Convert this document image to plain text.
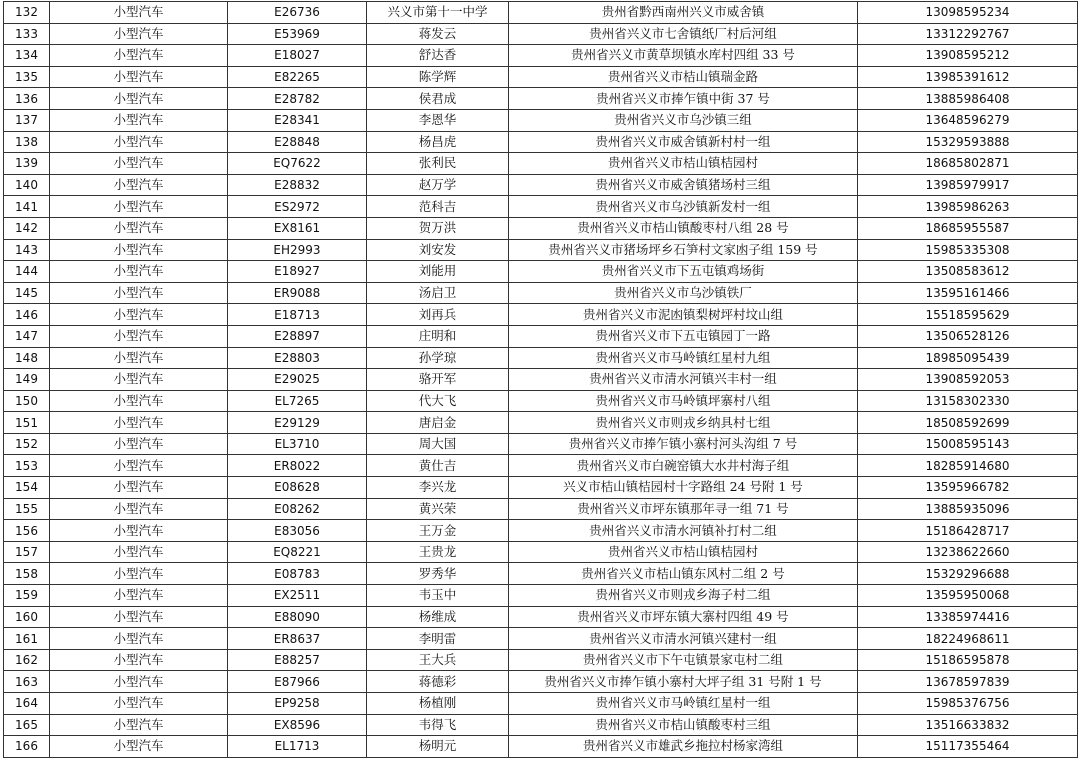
132	小型汽车	E26736	兴义市第十一中学	贵州省黔西南州兴义市威舍镇	13098595234
133	小型汽车	E53969	蒋发云	贵州省兴义市七舍镇纸厂村后河组	13312292767
134	小型汽车	E18027	舒达香	贵州省兴义市黄草坝镇水库村四组 33 号	13908595212
135	小型汽车	E82265	陈学辉	贵州省兴义市桔山镇瑞金路	13985391612
136	小型汽车	E28782	侯君成	贵州省兴义市捧乍镇中街 37 号	13885986408
137	小型汽车	E28341	李恩华	贵州省兴义市乌沙镇三组	13648596279
138	小型汽车	E28848	杨昌虎	贵州省兴义市威舍镇新村村一组	15329593888
139	小型汽车	EQ7622	张利民	贵州省兴义市桔山镇桔园村	18685802871
140	小型汽车	E28832	赵万学	贵州省兴义市威舍镇猪场村三组	13985979917
141	小型汽车	ES2972	范科吉	贵州省兴义市乌沙镇新发村一组	13985986263
142	小型汽车	EX8161	贺万洪	贵州省兴义市桔山镇酸枣村八组 28 号	18685955587
143	小型汽车	EH2993	刘安发	贵州省兴义市猪场坪乡石笋村文家凼子组 159 号	15985335308
144	小型汽车	E18927	刘能用	贵州省兴义市下五屯镇鸡场街	13508583612
145	小型汽车	ER9088	汤启卫	贵州省兴义市乌沙镇铁厂	13595161466
146	小型汽车	E18713	刘再兵	贵州省兴义市泥凼镇梨树坪村坟山组	15518595629
147	小型汽车	E28897	庄明和	贵州省兴义市下五屯镇园丁一路	13506528126
148	小型汽车	E28803	孙学琼	贵州省兴义市马岭镇红星村九组	18985095439
149	小型汽车	E29025	骆开军	贵州省兴义市清水河镇兴丰村一组	13908592053
150	小型汽车	EL7265	代大飞	贵州省兴义市马岭镇坪寨村八组	13158302330
151	小型汽车	E29129	唐启金	贵州省兴义市则戎乡纳具村七组	18508592699
152	小型汽车	EL3710	周大国	贵州省兴义市捧乍镇小寨村河头沟组 7 号	15008595143
153	小型汽车	ER8022	黄仕吉	贵州省兴义市白碗窑镇大水井村海子组	18285914680
154	小型汽车	E08628	李兴龙	兴义市桔山镇桔园村十字路组 24 号附 1 号	13595966782
155	小型汽车	E08262	黄兴荣	贵州省兴义市坪东镇那年寻一组 71 号	13885935096
156	小型汽车	E83056	王万金	贵州省兴义市清水河镇补打村二组	15186428717
157	小型汽车	EQ8221	王贵龙	贵州省兴义市桔山镇桔园村	13238622660
158	小型汽车	E08783	罗秀华	贵州省兴义市桔山镇东风村二组 2 号	15329296688
159	小型汽车	EX2511	韦玉中	贵州省兴义市则戎乡海子村二组	13595950068
160	小型汽车	E88090	杨维成	贵州省兴义市坪东镇大寨村四组 49 号	13385974416
161	小型汽车	ER8637	李明雷	贵州省兴义市清水河镇兴建村一组	18224968611
162	小型汽车	E88257	王大兵	贵州省兴义市下午屯镇景家屯村二组	15186595878
163	小型汽车	E87966	蒋德彩	贵州省兴义市捧乍镇小寨村大坪子组 31 号附 1 号	13678597839
164	小型汽车	EP9258	杨植刚	贵州省兴义市马岭镇红星村一组	15985376756
165	小型汽车	EX8596	韦得飞	贵州省兴义市桔山镇酸枣村三组	13516633832
166	小型汽车	EL1713	杨明元	贵州省兴义市雄武乡拖拉村杨家湾组	15117355464
